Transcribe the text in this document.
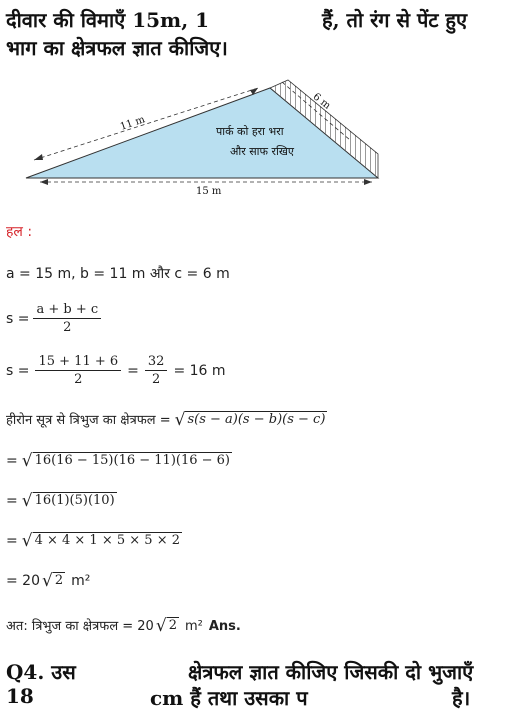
दीवार की विमाएँ 15m, 1	हैं, तो रंग से पेंट हुए
भाग का क्षेत्रफल ज्ञात कीजिए।
11 m
6 m
15 m
पार्क को हरा भरा
और साफ रखिए
हल :
a = 15 m, b = 11 m और c = 6 m
$s = \frac{a + b + c}{2}$
$s = \frac{15 + 11 + 6}{2} = \frac{32}{2} = 16$ m
हीरोन सूत्र से त्रिभुज का क्षेत्रफल = √ s(s − a)(s − b)(s − c)
= √ 16(16 − 15)(16 − 11)(16 − 6)
= √ 16(1)(5)(10)
= √ 4 × 4 × 1 × 5 × 5 × 2
= 20 √ 2 m²
अत: त्रिभुज का क्षेत्रफल = 20 √ 2 m² Ans.
Q4. उस	क्षेत्रफल ज्ञात कीजिए जिसकी दो भुजाएँ
18	cm हैं तथा उसका प	है।
